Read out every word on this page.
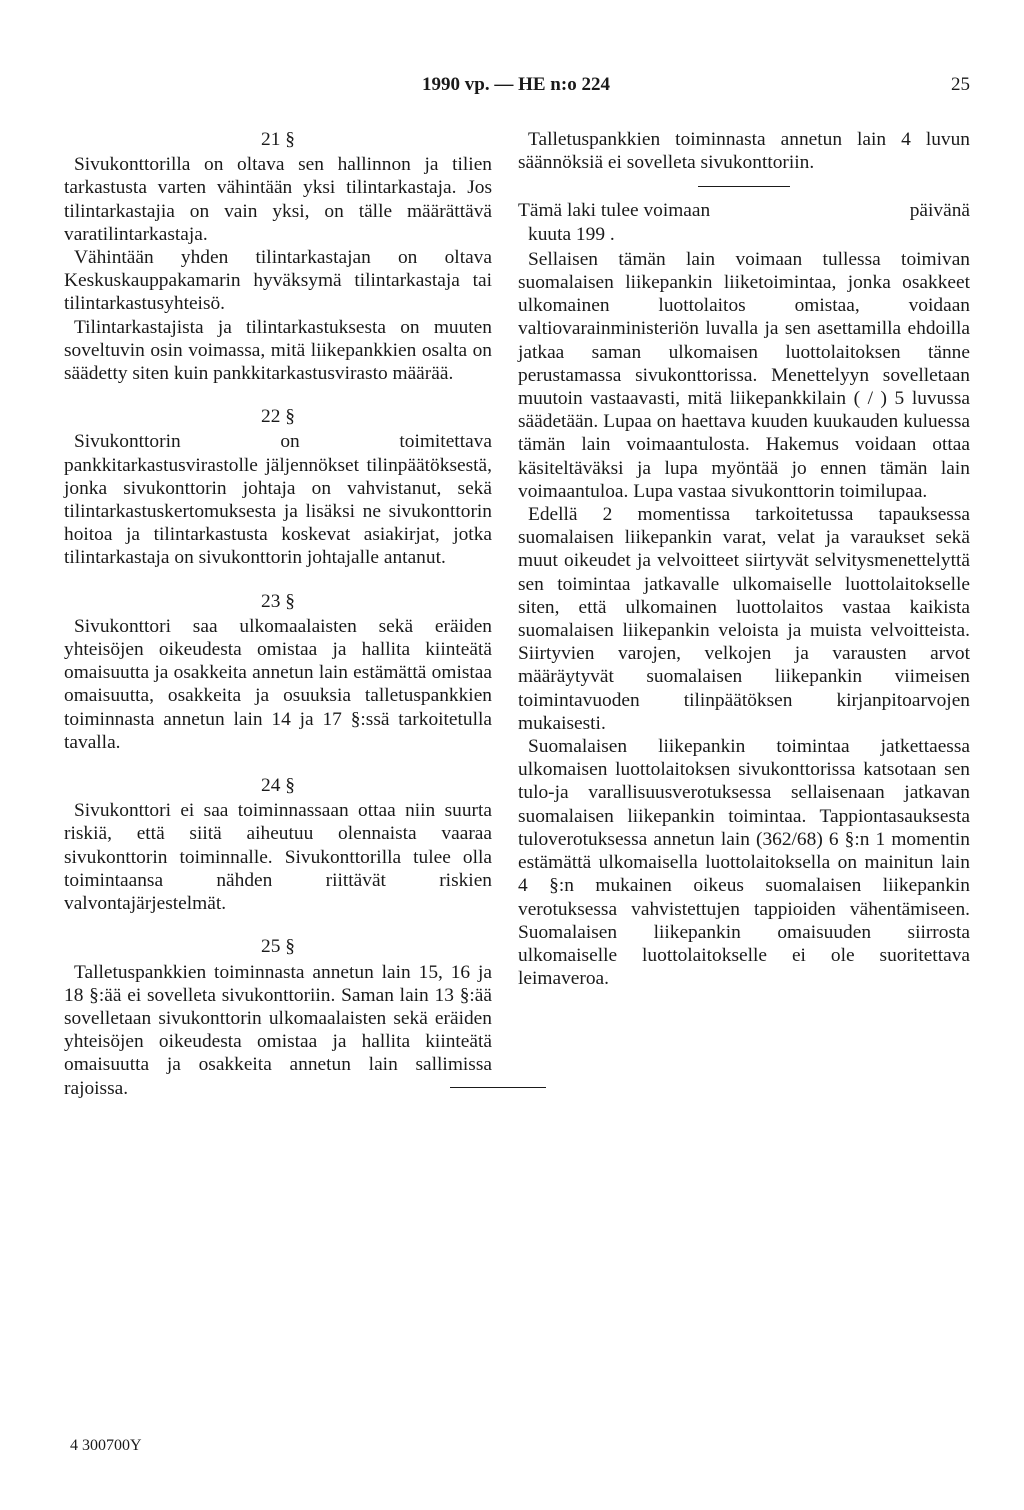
1990 vp. — HE n:o 224	25
21 §

Sivukonttorilla on oltava sen hallinnon ja tilien tarkastusta varten vähintään yksi tilintarkastaja. Jos tilintarkastajia on vain yksi, on tälle määrättävä varatilintarkastaja.

Vähintään yhden tilintarkastajan on oltava Keskuskauppakamarin hyväksymä tilintarkastaja tai tilintarkastusyhteisö.

Tilintarkastajista ja tilintarkastuksesta on muuten soveltuvin osin voimassa, mitä liikepankkien osalta on säädetty siten kuin pankkitarkastusvirasto määrää.

22 §

Sivukonttorin on toimitettava pankkitarkastusvirastolle jäljennökset tilinpäätöksestä, jonka sivukonttorin johtaja on vahvistanut, sekä tilintarkastuskertomuksesta ja lisäksi ne sivukonttorin hoitoa ja tilintarkastusta koskevat asiakirjat, jotka tilintarkastaja on sivukonttorin johtajalle antanut.

23 §

Sivukonttori saa ulkomaalaisten sekä eräiden yhteisöjen oikeudesta omistaa ja hallita kiinteätä omaisuutta ja osakkeita annetun lain estämättä omistaa omaisuutta, osakkeita ja osuuksia talletuspankkien toiminnasta annetun lain 14 ja 17 §:ssä tarkoitetulla tavalla.

24 §

Sivukonttori ei saa toiminnassaan ottaa niin suurta riskiä, että siitä aiheutuu olennaista vaaraa sivukonttorin toiminnalle. Sivukonttorilla tulee olla toimintaansa nähden riittävät riskien valvontajärjestelmät.

25 §

Talletuspankkien toiminnasta annetun lain 15, 16 ja 18 §:ää ei sovelleta sivukonttoriin. Saman lain 13 §:ää sovelletaan sivukonttorin ulkomaalaisten sekä eräiden yhteisöjen oikeudesta omistaa ja hallita kiinteätä omaisuutta ja osakkeita annetun lain sallimissa rajoissa.

Talletuspankkien toiminnasta annetun lain 4 luvun säännöksiä ei sovelleta sivukonttoriin.

Tämä laki tulee voimaan	päivänä

kuuta 199 .

Sellaisen tämän lain voimaan tullessa toimivan suomalaisen liikepankin liiketoimintaa, jonka osakkeet ulkomainen luottolaitos omistaa, voidaan valtiovarainministeriön luvalla ja sen asettamilla ehdoilla jatkaa saman ulkomaisen luottolaitoksen tänne perustamassa sivukonttorissa. Menettelyyn sovelletaan muutoin vastaavasti, mitä liikepankkilain ( / ) 5 luvussa säädetään. Lupaa on haettava kuuden kuukauden kuluessa tämän lain voimaantulosta. Hakemus voidaan ottaa käsiteltäväksi ja lupa myöntää jo ennen tämän lain voimaantuloa. Lupa vastaa sivukonttorin toimilupaa.

Edellä 2 momentissa tarkoitetussa tapauksessa suomalaisen liikepankin varat, velat ja varaukset sekä muut oikeudet ja velvoitteet siirtyvät selvitysmenettelyttä sen toimintaa jatkavalle ulkomaiselle luottolaitokselle siten, että ulkomainen luottolaitos vastaa kaikista suomalaisen liikepankin veloista ja muista velvoitteista. Siirtyvien varojen, velkojen ja varausten arvot määräytyvät suomalaisen liikepankin viimeisen toimintavuoden tilinpäätöksen kirjanpitoarvojen mukaisesti.

Suomalaisen liikepankin toimintaa jatkettaessa ulkomaisen luottolaitoksen sivukonttorissa katsotaan sen tulo-ja varallisuusverotuksessa sellaisenaan jatkavan suomalaisen liikepankin toimintaa. Tappiontasauksesta tuloverotuksessa annetun lain (362/68) 6 §:n 1 momentin estämättä ulkomaisella luottolaitoksella on mainitun lain 4 §:n mukainen oikeus suomalaisen liikepankin verotuksessa vahvistettujen tappioiden vähentämiseen. Suomalaisen liikepankin omaisuuden siirrosta ulkomaiselle luottolaitokselle ei ole suoritettava leimaveroa.

4 300700Y
